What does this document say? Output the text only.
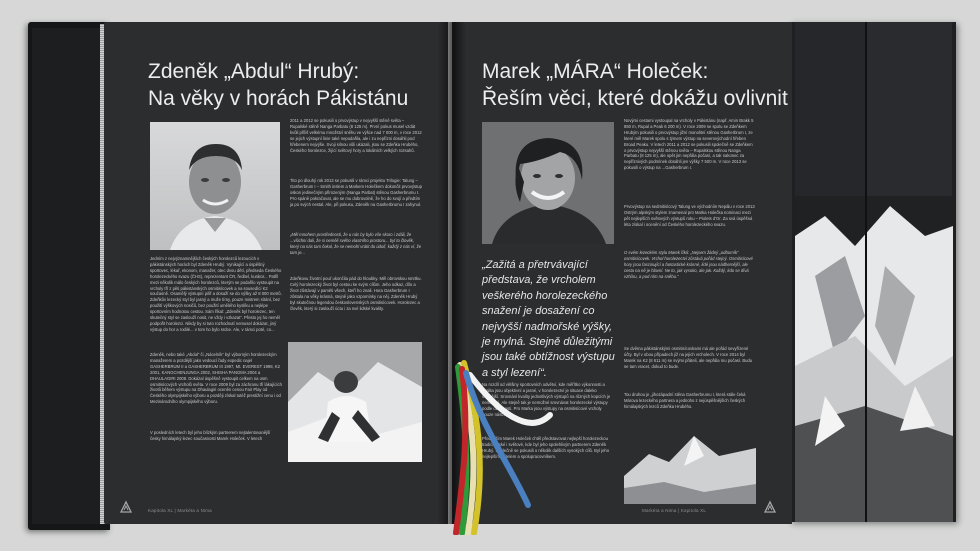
Zdeněk „Abdul“ Hrubý:
Na věky v horách Pákistánu
Jedním z nejvýznamnějších českých horolezců lezoucích v pákistánských horách byl Zdeněk Hrubý. Vynikající a úspěšný sportovec, lékař, ekonom, manažer, otec dvou dětí, předseda Českého horolezeckého svazu (ČHS), reprezentant ČR, ředitel, kurátor... Patřil mezi několik málo českých horolezců, kterým se podařilo vystoupit na vrcholy tří z pěti pákistánských osmitisícovek a na sousedící K2 současně. Osamělý výstupní pilíř a dosaží se do výšky až 8 000 metrů. Zdeňkův lezecký styl byl jasný a muže tímy, pouze mistrem sítání, bez použití výškových nosičů, bez použití umělého kyslíku a nejlépe sportovním hodnotou cestou. Sám říkal: „Zdeněk byl horolezec, ten skutečný styl se zaslouží nosit, ne vždy i vzkazat“. Přesto jej ho neměl podpořit horolezci. Nikdy by si tuto rozhodnutí nemusel dokázat, jiný výstup do hor a rodilé... v tom ho bylo srdce. Ale, v rámci poté, co...
Zdeněk, nebo také „Abdul“ či „Nácelník“ byl výborným horolezeckým manažerem a pozdější jako vedoucí řady expedic najel GASHERBRUM II a GASHERBRUM III 1997, Mt. EVEREST 1998, K2 2001, KANGCHENJUNGA 2002, SHISHA PANGMA 2004 a DHAULAGIRI 2008. Dokázal úspěšně vystoupit celkem na osm osmitisícových vrcholů světa. V roce 2009 byl za záchranu tří lákajících životů během výstupu na Dhaulagiri oceněn cenou Fair Play od Českého olympijského výboru a později získal tutéž prestižní cenu i od Mezinárodního olympijského výboru.
V posledních letech byl jeho blízkým partnerem nejtalentovanější česky himálajský lezec současnosti Marek Holeček. V letech
2011 a 2012 se pokusili o prvovýstup v nejvyšší stěně světa – Rupalské stěně Nanga Parbatu (8 125 m). První pokus musel vzdát kvůli příliš velkému množství sněhu ve výšce nad 7 000 m, v roce 2012 se jejich výstupní linie také nepodařila, ale i zu nepřízni dosáhli pod hřebenem nejvýše. Svoji silnou vůli ukázali, jsou se Zdeňka Hrubého, Českého horolezce, žijící světový hory a lokálních velkých rozsahů.
Tito po dlouhý rok 2013 se pokusili v rámci projektu Trilogie: Talung – Gasherbrum I – Smith inslem a Markem Holečkem dokončit prvovýstup oskon jedinečným přirozeným (Nanga Parbat) stěnou Gasherbrumu I. Pro spáně pokračovat, ale se mu dobrovolně, že ho do svojí a předtím ja po svých nestal. Ale, při pokusu, Zdeněk na Gasherbrumu I zahynul.
„Měl mnohem prostřednosti, že u nás by bylo vše skoro i zdáli, že ...všichni dali, že si neměli svého vlastního prostoru... byl to člověk, který na nás tam čekal, že se nemohl vrátit do údolí, každý z nás ví, že tam je...
Zdeňkovu životní pouť ukončila pád do hloubky. Měl obrovskou smrtku. Celý horolezecký život byl cestou ke svým cílům. Jeho odkaz, dílo a život zůstávají v paměti všech, kteří ho znali. Hora Gasherbrum I zůstala na věky krásná, stejně jako vzpomínky na něj. Zdeněk Hrubý byl skutečnou legendou československých osmitisícovek. Horolezec a člověk, který si zaslouží úctu i za své lidské kvality.
Kapitola XL | Markéta a Nima
Marek „MÁRA“ Holeček:
Řeším věci, které dokážu ovlivnit
„Zažitá a přetrvávající představa, že vrcholem veškerého horolezeckého snažení je dosažení co nejvyšší nadmořské výšky, je mylná. Stejně důležitými jsou také obtížnost výstupu a styl lezení“.
Na rozdíl od většiny sportovních odvětví, kde měřítko výkonnosti a kvalita jsou objektivní a jasné, v horolezectví je situace daleko složitější. Srovnání kvality jednotlivých výstupů na různých kopcích je nemožné. Ale stejně tak je nemožné srovnávat horolezecké výstupy podle obtížnosti. Pro Marka jsou výstupy na osmitisícové vrcholy pouze nástrojem...
Především Marek Holeček chtěl představovat nejlepší horolezeckou tradici české i světové, kde byl jeho spolehlivým partnerem Zdeněk Hrubý. Společně se pokusili o několik dalších vysokých cílů. Byl jeho nejlepším přítelem a spolupracovníkem.
Novými cestami vystoupal na vrcholy v Pákistánu (např. Amin Brakk 5 850 m, Rupal a Peak 6 200 m). V roce 2009 se spolu se Zdeňkem Hrubým pokusili o prvovýstup jižní monolitní stěnou Gasherbrum I, ze které měl Marek spolu s týmem výstup na severovýchodní hřeben Broad Peaku. V letech 2011 a 2012 se pokusili společně se Zdeňkem o prvovýstup nejvyšší stěnou světa – Rupalskou stěnou Nanga Parbatu (8 125 m), ale opět jim nepřála počasí, a tak nakonec za nepříznivých podmínek dosáhli jen výšky 7 500 m. V roce 2013 se pokusili o výstup na ...Gasherbrum I.
Prvovýstup na sedmitisícový Talung ve východním Nepálu v roce 2013 Ostrým alpským stylem znamenal pro Marka Holečka nominaci mezi pět nejlepších světových výstupů roku – Piolets d'Or. Za svá úspěšná léta získal i ocenění od Českého horolezeckého svazu.
O svém lezeckém stylu Marek říká: „Nejsem žádný „odborník“ osmitisícovek. Vrchol horolezectví zůstává pořád stejný. Osmitisícové hory jsou fascinující a fantastické krásné, lidé jsou nádhernější, ale cesta na ně je hlavní. Ne to, jak vysoko, ale jak. Každý, kdo se dívá vzhůru, a pod ním na sněhu.“
Se dvěma pákistánskými osmitisícovkami má ale pořád nevyřízené účty. Byl v obou případech již na jejich vrcholech. V roce 2014 byl Marek na K2 (8 611 m) se svými přáteli, ale nepřála mu počasí. Budu se tam vracet, dokud to bude.
Tou druhou je „jihozápadní stěna Gasherbrumu I, která stále čeká Márova lezeckého partnera a jednoho z nejúspěšnějších českých himálajských lezců Zdeňka Hrubého.
Markéta a Nima | Kapitola XL
